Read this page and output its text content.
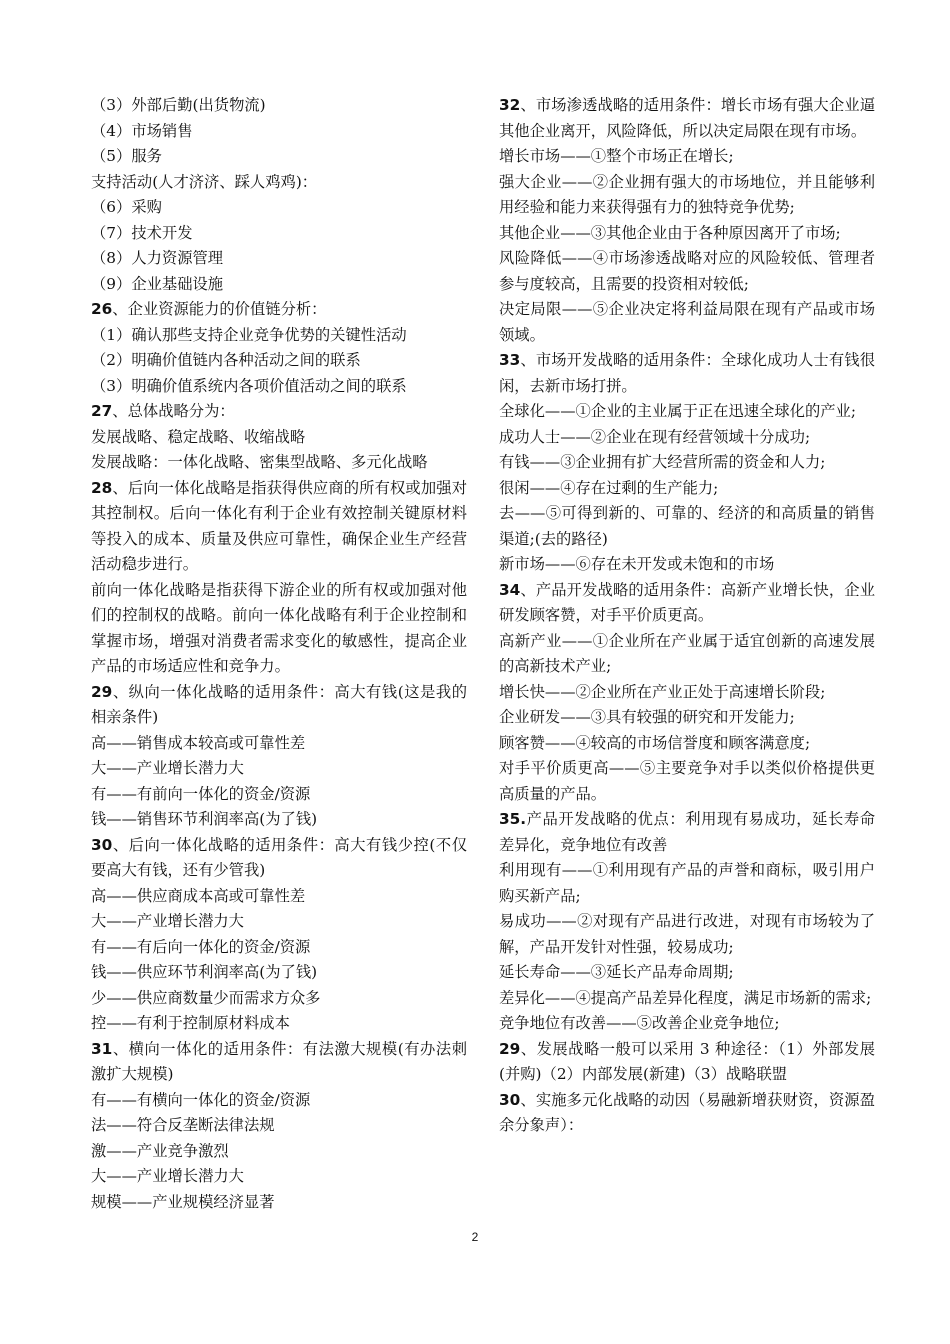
（3）外部后勤(出货物流)

（4）市场销售

（5）服务

支持活动(人才济济、踩人鸡鸡)：

（6）采购

（7）技术开发

（8）人力资源管理

（9）企业基础设施

26、企业资源能力的价值链分析：

（1）确认那些支持企业竞争优势的关键性活动

（2）明确价值链内各种活动之间的联系

（3）明确价值系统内各项价值活动之间的联系

27、总体战略分为：

发展战略、稳定战略、收缩战略

发展战略：一体化战略、密集型战略、多元化战略

28、后向一体化战略是指获得供应商的所有权或加强对其控制权。后向一体化有利于企业有效控制关键原材料等投入的成本、质量及供应可靠性，确保企业生产经营活动稳步进行。

前向一体化战略是指获得下游企业的所有权或加强对他们的控制权的战略。前向一体化战略有利于企业控制和掌握市场，增强对消费者需求变化的敏感性，提高企业产品的市场适应性和竞争力。

29、纵向一体化战略的适用条件：高大有钱(这是我的相亲条件)

高——销售成本较高或可靠性差

大——产业增长潜力大

有——有前向一体化的资金/资源

钱——销售环节利润率高(为了钱)

30、后向一体化战略的适用条件：高大有钱少控(不仅要高大有钱，还有少管我)

高——供应商成本高或可靠性差

大——产业增长潜力大

有——有后向一体化的资金/资源

钱——供应环节利润率高(为了钱)

少——供应商数量少而需求方众多

控——有利于控制原材料成本

31、横向一体化的适用条件：有法激大规模(有办法刺激扩大规模)

有——有横向一体化的资金/资源

法——符合反垄断法律法规

激——产业竞争激烈

大——产业增长潜力大

规模——产业规模经济显著

32、市场渗透战略的适用条件：增长市场有强大企业逼其他企业离开，风险降低，所以决定局限在现有市场。

增长市场——①整个市场正在增长;

强大企业——②企业拥有强大的市场地位，并且能够利用经验和能力来获得强有力的独特竞争优势;

其他企业——③其他企业由于各种原因离开了市场;

风险降低——④市场渗透战略对应的风险较低、管理者参与度较高，且需要的投资相对较低;

决定局限——⑤企业决定将利益局限在现有产品或市场领域。

33、市场开发战略的适用条件：全球化成功人士有钱很闲，去新市场打拼。

全球化——①企业的主业属于正在迅速全球化的产业;

成功人士——②企业在现有经营领域十分成功;

有钱——③企业拥有扩大经营所需的资金和人力;

很闲——④存在过剩的生产能力;

去——⑤可得到新的、可靠的、经济的和高质量的销售渠道;(去的路径)

新市场——⑥存在未开发或未饱和的市场

34、产品开发战略的适用条件：高新产业增长快，企业研发顾客赞，对手平价质更高。

高新产业——①企业所在产业属于适宜创新的高速发展的高新技术产业;

增长快——②企业所在产业正处于高速增长阶段;

企业研发——③具有较强的研究和开发能力;

顾客赞——④较高的市场信誉度和顾客满意度;

对手平价质更高——⑤主要竞争对手以类似价格提供更高质量的产品。

35.产品开发战略的优点：利用现有易成功，延长寿命差异化，竞争地位有改善

利用现有——①利用现有产品的声誉和商标，吸引用户购买新产品;

易成功——②对现有产品进行改进，对现有市场较为了解，产品开发针对性强，较易成功;

延长寿命——③延长产品寿命周期;

差异化——④提高产品差异化程度，满足市场新的需求;

竞争地位有改善——⑤改善企业竞争地位;

29、发展战略一般可以采用 3 种途径：（1）外部发展(并购)（2）内部发展(新建)（3）战略联盟

30、实施多元化战略的动因（易融新增获财资，资源盈余分象声）：

2
